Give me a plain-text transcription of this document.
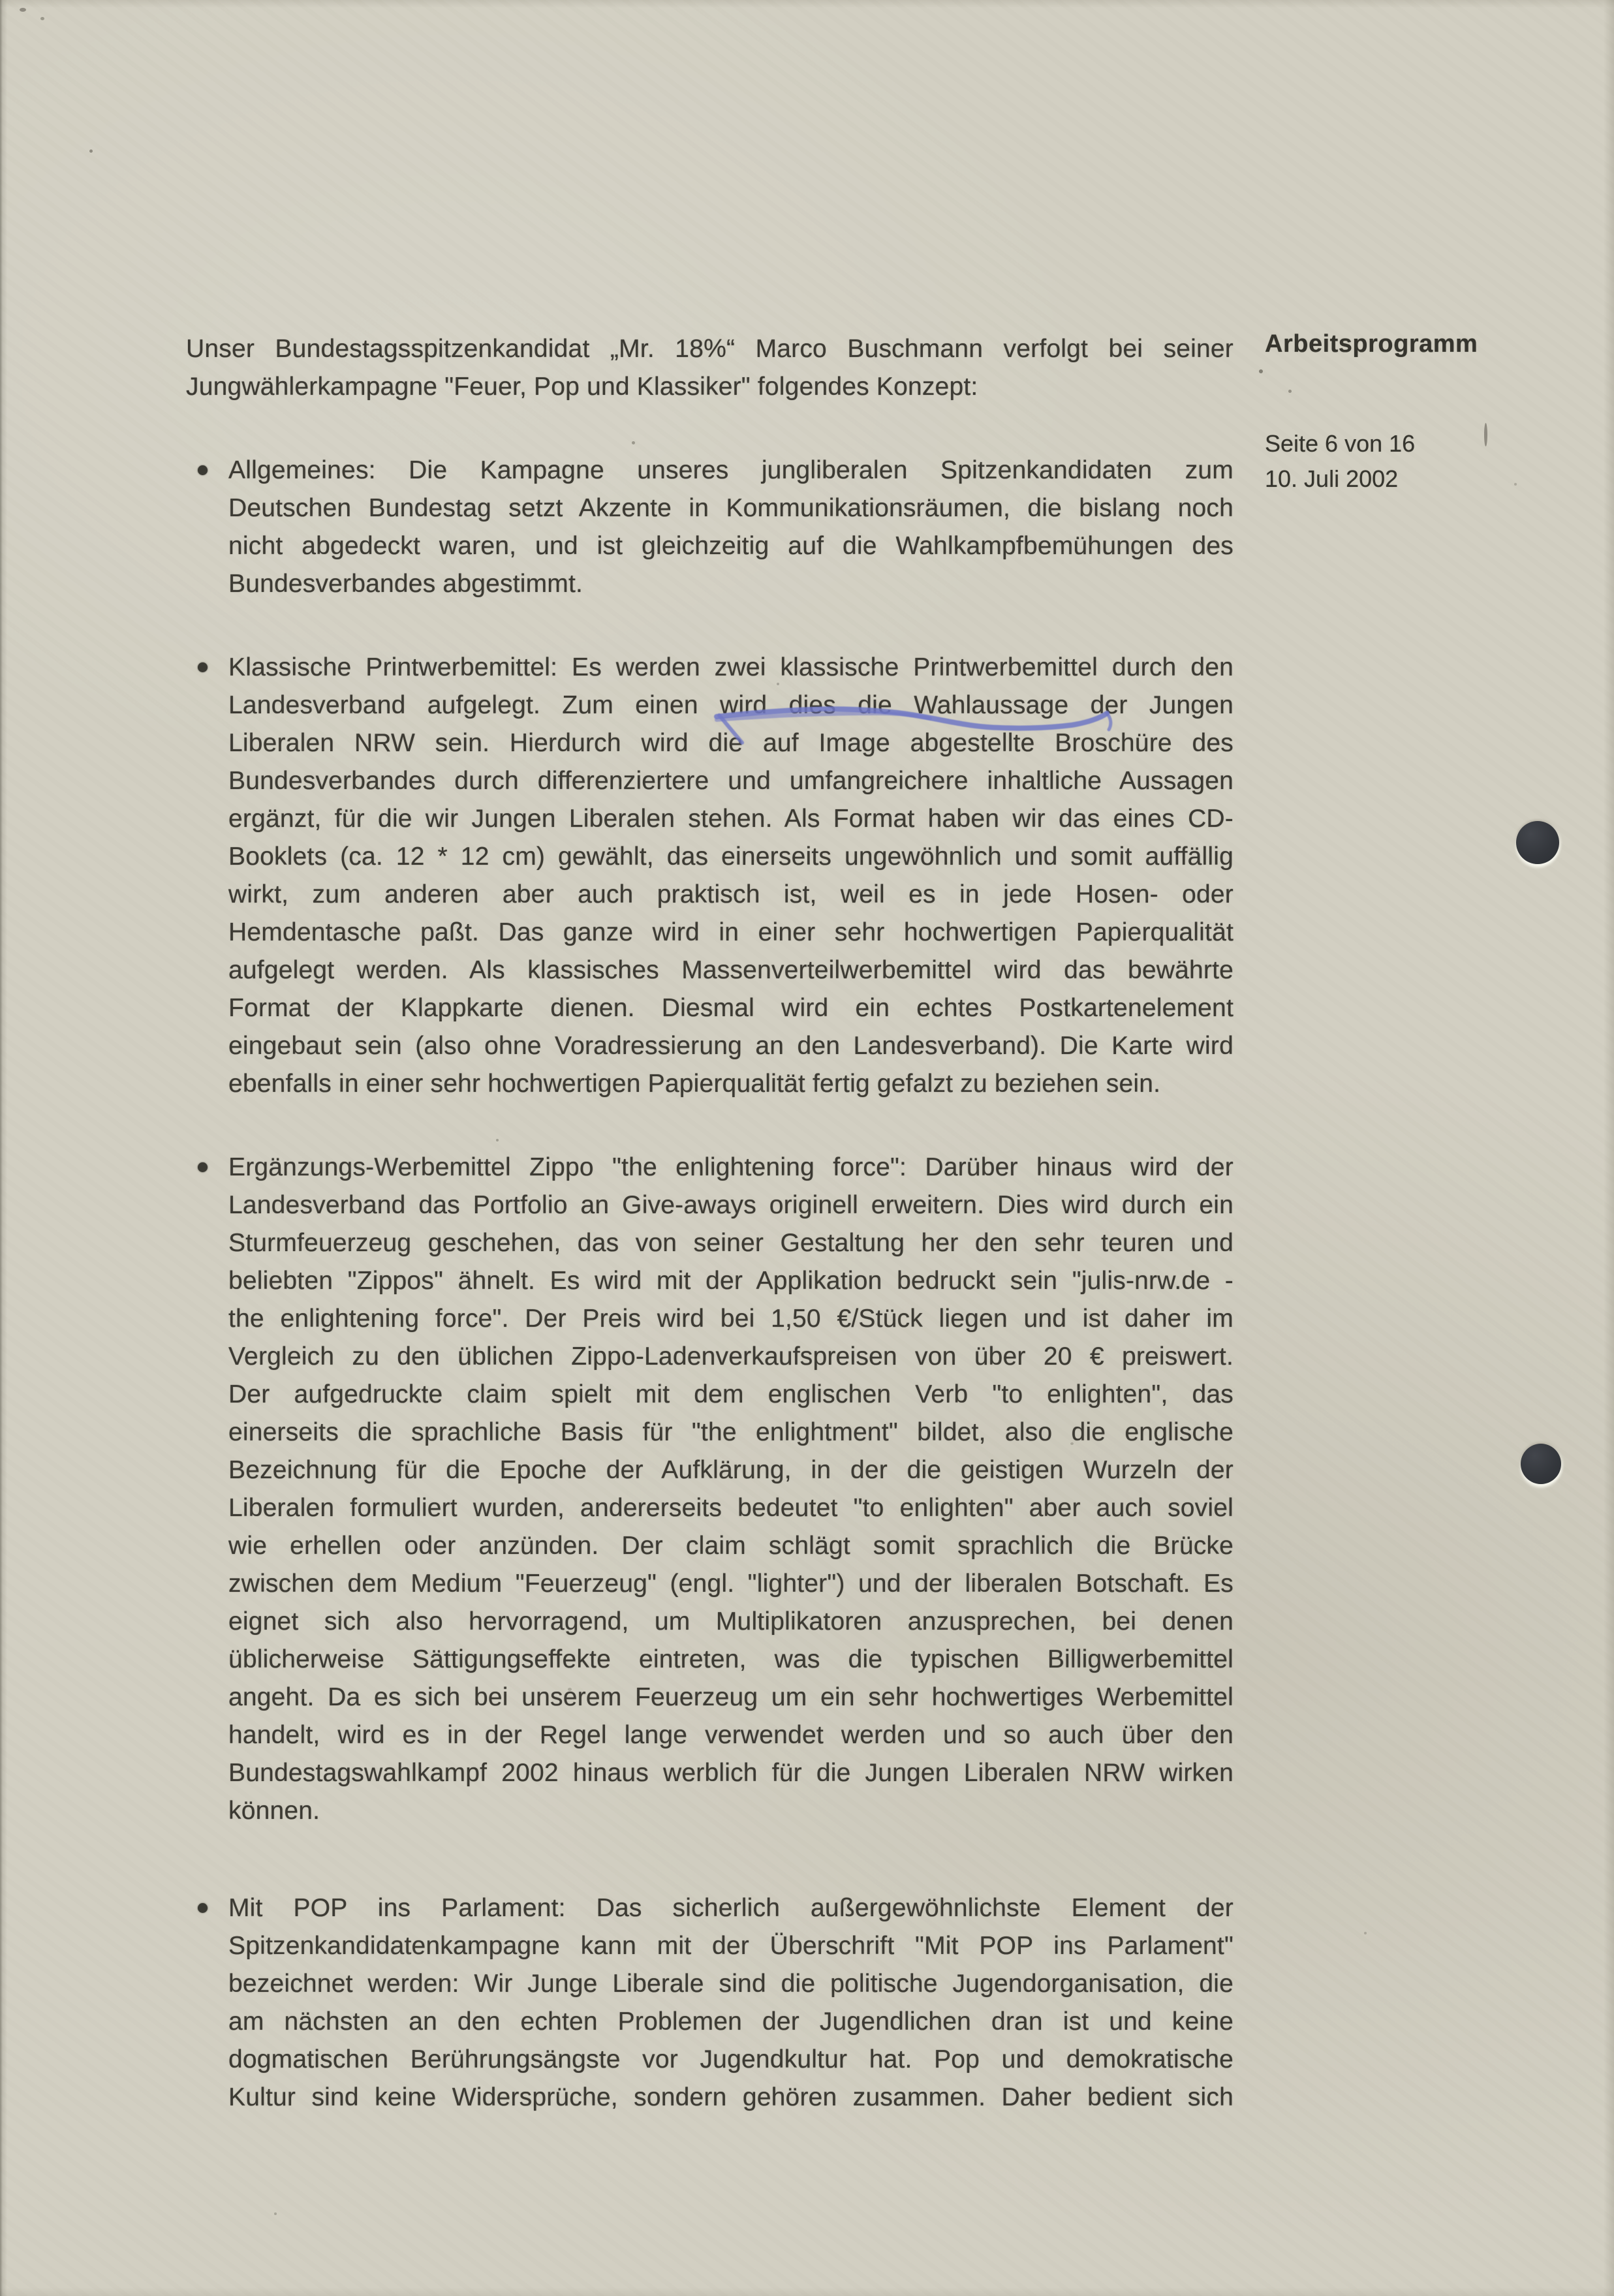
Arbeitsprogramm
Seite 6 von 16
10. Juli 2002
Unser Bundestagsspitzenkandidat „Mr. 18%“ Marco Buschmann verfolgt bei seiner
Jungwählerkampagne "Feuer, Pop und Klassiker" folgendes Konzept:
Allgemeines: Die Kampagne unseres jungliberalen Spitzenkandidaten zum
Deutschen Bundestag setzt Akzente in Kommunikationsräumen, die bislang noch
nicht abgedeckt waren, und ist gleichzeitig auf die Wahlkampfbemühungen des
Bundesverbandes abgestimmt.
Klassische Printwerbemittel: Es werden zwei klassische Printwerbemittel durch den
Landesverband aufgelegt. Zum einen wird dies die Wahlaussage der Jungen
Liberalen NRW sein. Hierdurch wird die auf Image abgestellte Broschüre des
Bundesverbandes durch differenziertere und umfangreichere inhaltliche Aussagen
ergänzt, für die wir Jungen Liberalen stehen. Als Format haben wir das eines CD-
Booklets (ca. 12 * 12 cm) gewählt, das einerseits ungewöhnlich und somit auffällig
wirkt, zum anderen aber auch praktisch ist, weil es in jede Hosen- oder
Hemdentasche paßt. Das ganze wird in einer sehr hochwertigen Papierqualität
aufgelegt werden. Als klassisches Massenverteilwerbemittel wird das bewährte
Format der Klappkarte dienen. Diesmal wird ein echtes Postkartenelement
eingebaut sein (also ohne Voradressierung an den Landesverband). Die Karte wird
ebenfalls in einer sehr hochwertigen Papierqualität fertig gefalzt zu beziehen sein.
Ergänzungs-Werbemittel Zippo "the enlightening force": Darüber hinaus wird der
Landesverband das Portfolio an Give-aways originell erweitern. Dies wird durch ein
Sturmfeuerzeug geschehen, das von seiner Gestaltung her den sehr teuren und
beliebten "Zippos" ähnelt. Es wird mit der Applikation bedruckt sein "julis-nrw.de -
the enlightening force". Der Preis wird bei 1,50 €/Stück liegen und ist daher im
Vergleich zu den üblichen Zippo-Ladenverkaufspreisen von über 20 € preiswert.
Der aufgedruckte claim spielt mit dem englischen Verb "to enlighten", das
einerseits die sprachliche Basis für "the enlightment" bildet, also die englische
Bezeichnung für die Epoche der Aufklärung, in der die geistigen Wurzeln der
Liberalen formuliert wurden, andererseits bedeutet "to enlighten" aber auch soviel
wie erhellen oder anzünden. Der claim schlägt somit sprachlich die Brücke
zwischen dem Medium "Feuerzeug" (engl. "lighter") und der liberalen Botschaft. Es
eignet sich also hervorragend, um Multiplikatoren anzusprechen, bei denen
üblicherweise Sättigungseffekte eintreten, was die typischen Billigwerbemittel
angeht. Da es sich bei unserem Feuerzeug um ein sehr hochwertiges Werbemittel
handelt, wird es in der Regel lange verwendet werden und so auch über den
Bundestagswahlkampf 2002 hinaus werblich für die Jungen Liberalen NRW wirken
können.
Mit POP ins Parlament: Das sicherlich außergewöhnlichste Element der
Spitzenkandidatenkampagne kann mit der Überschrift "Mit POP ins Parlament"
bezeichnet werden: Wir Junge Liberale sind die politische Jugendorganisation, die
am nächsten an den echten Problemen der Jugendlichen dran ist und keine
dogmatischen Berührungsängste vor Jugendkultur hat. Pop und demokratische
Kultur sind keine Widersprüche, sondern gehören zusammen. Daher bedient sich
